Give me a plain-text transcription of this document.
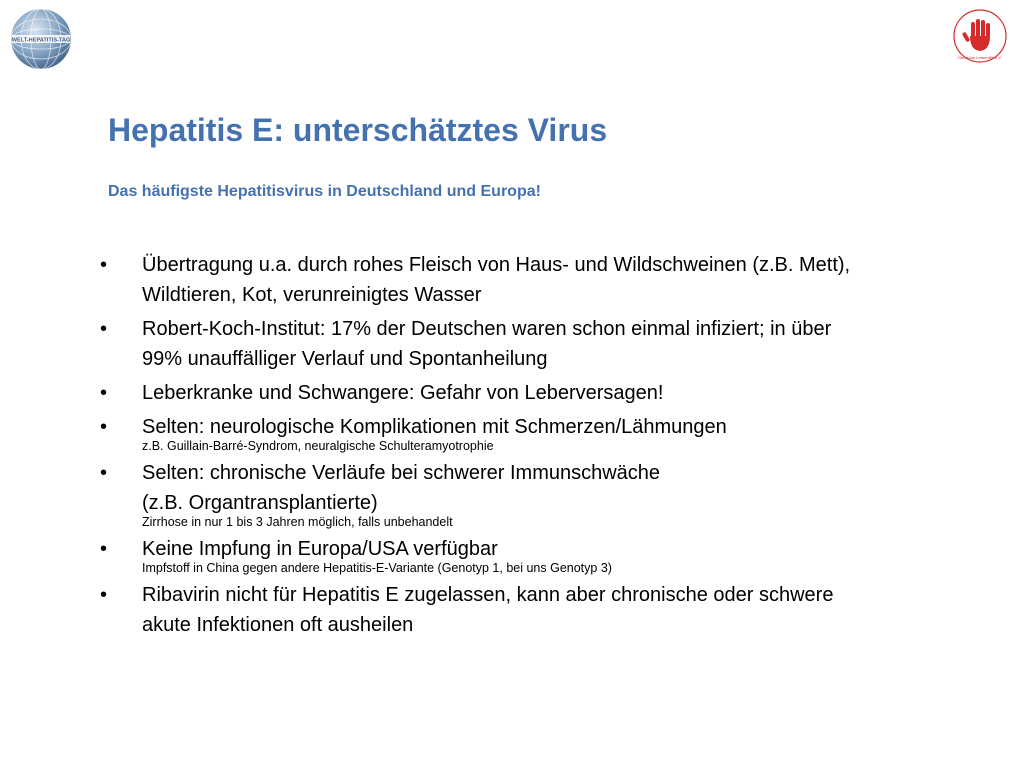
WELT-HEPATITIS-TAG
Deutsche Leberhilfe e.V.
Hepatitis E: unterschätztes Virus
Das häufigste Hepatitisvirus in Deutschland und Europa!
•	Übertragung u.a. durch rohes Fleisch von Haus- und Wildschweinen (z.B. Mett),
Wildtieren, Kot, verunreinigtes Wasser
•	Robert-Koch-Institut: 17% der Deutschen waren schon einmal infiziert; in über
99% unauffälliger Verlauf und Spontanheilung
•	Leberkranke und Schwangere: Gefahr von Leberversagen!
•	Selten: neurologische Komplikationen mit Schmerzen/Lähmungen
z.B. Guillain-Barré-Syndrom, neuralgische Schulteramyotrophie
•	Selten: chronische Verläufe bei schwerer Immunschwäche
(z.B. Organtransplantierte)
Zirrhose in nur 1 bis 3 Jahren möglich, falls unbehandelt
•	Keine Impfung in Europa/USA verfügbar
Impfstoff in China gegen andere Hepatitis-E-Variante (Genotyp 1, bei uns Genotyp 3)
•	Ribavirin nicht für Hepatitis E zugelassen, kann aber chronische oder schwere
akute Infektionen oft ausheilen
